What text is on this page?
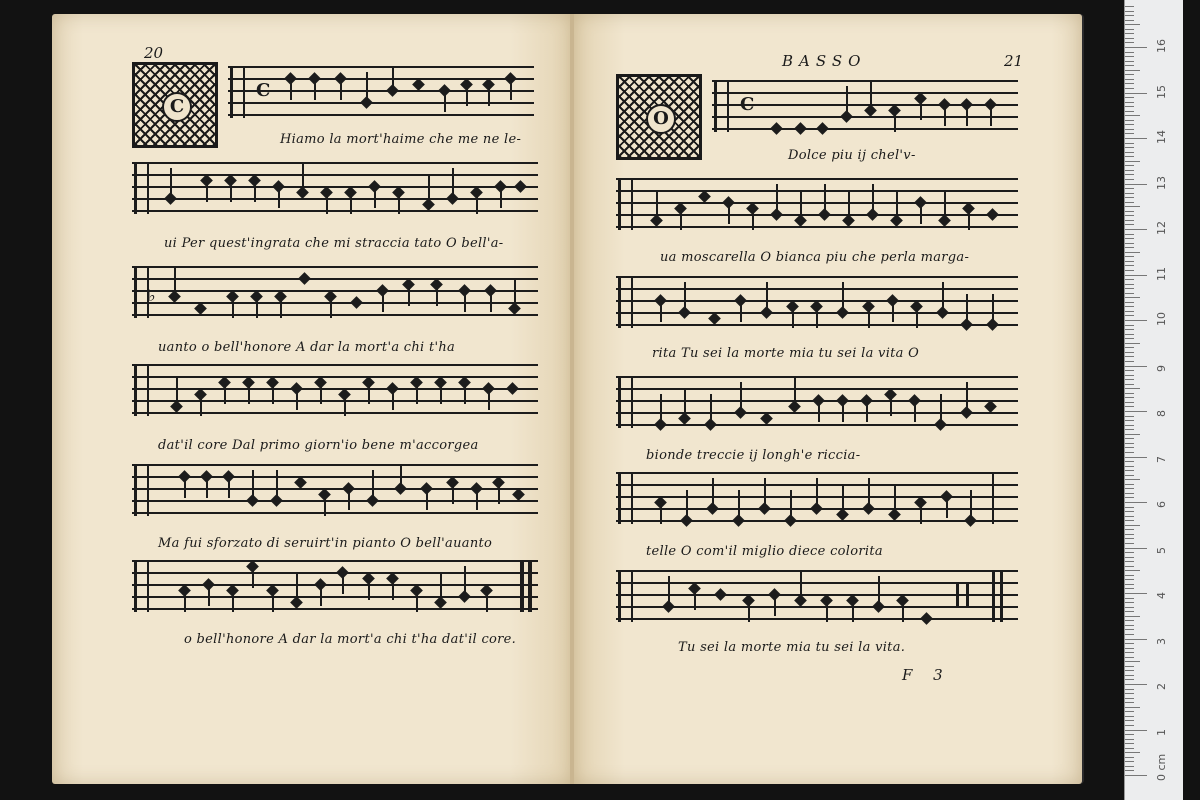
20
C
C
Hiamo la mort'haime che me ne le-
ui Per quest'ingrata che mi straccia tato O bell'a-
♭
uanto o bell'honore A dar la mort'a chi t'ha
dat'il core Dal primo giorn'io bene m'accorgea
Ma fui sforzato di seruirt'in pianto O bell'auanto
o bell'honore A dar la mort'a chi t'ha dat'il core.
BASSO	21
O
C
Dolce piu ij chel'v-
ua moscarella O bianca piu che perla marga-
rita Tu sei la morte mia tu sei la vita O
bionde treccie ij longh'e riccia-
telle O com'il miglio diece colorita
Tu sei la morte mia tu sei la vita.
F 3
0 cm
1
2
3
4
5
6
7
8
9
10
11
12
13
14
15
16
